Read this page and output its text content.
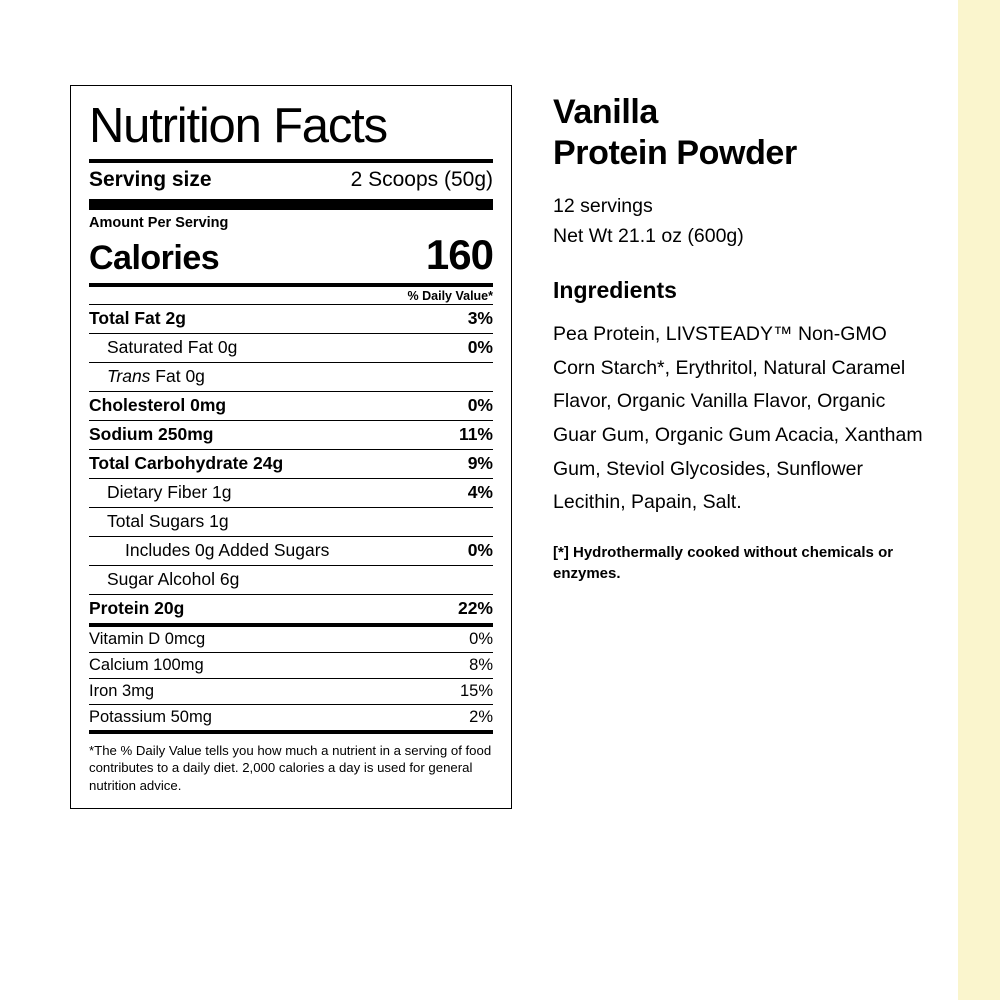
Nutrition Facts
Serving size	2 Scoops (50g)
Amount Per Serving
Calories	160
% Daily Value*
Total Fat 2g	3%
Saturated Fat 0g	0%
Trans Fat 0g
Cholesterol 0mg	0%
Sodium 250mg	11%
Total Carbohydrate 24g	9%
Dietary Fiber 1g	4%
Total Sugars 1g
Includes 0g Added Sugars	0%
Sugar Alcohol 6g
Protein 20g	22%
Vitamin D 0mcg	0%
Calcium 100mg	8%
Iron 3mg	15%
Potassium 50mg	2%
*The % Daily Value tells you how much a nutrient in a serving of food contributes to a daily diet. 2,000 calories a day is used for general nutrition advice.
Vanilla
Protein Powder
12 servings
Net Wt 21.1 oz (600g)
Ingredients

Pea Protein, LIVSTEADY™ Non-GMO Corn Starch*, Erythritol, Natural Caramel Flavor, Organic Vanilla Flavor, Organic Guar Gum, Organic Gum Acacia, Xantham Gum, Steviol Glycosides, Sunflower Lecithin, Papain, Salt.

[*] Hydrothermally cooked without chemicals or enzymes.
